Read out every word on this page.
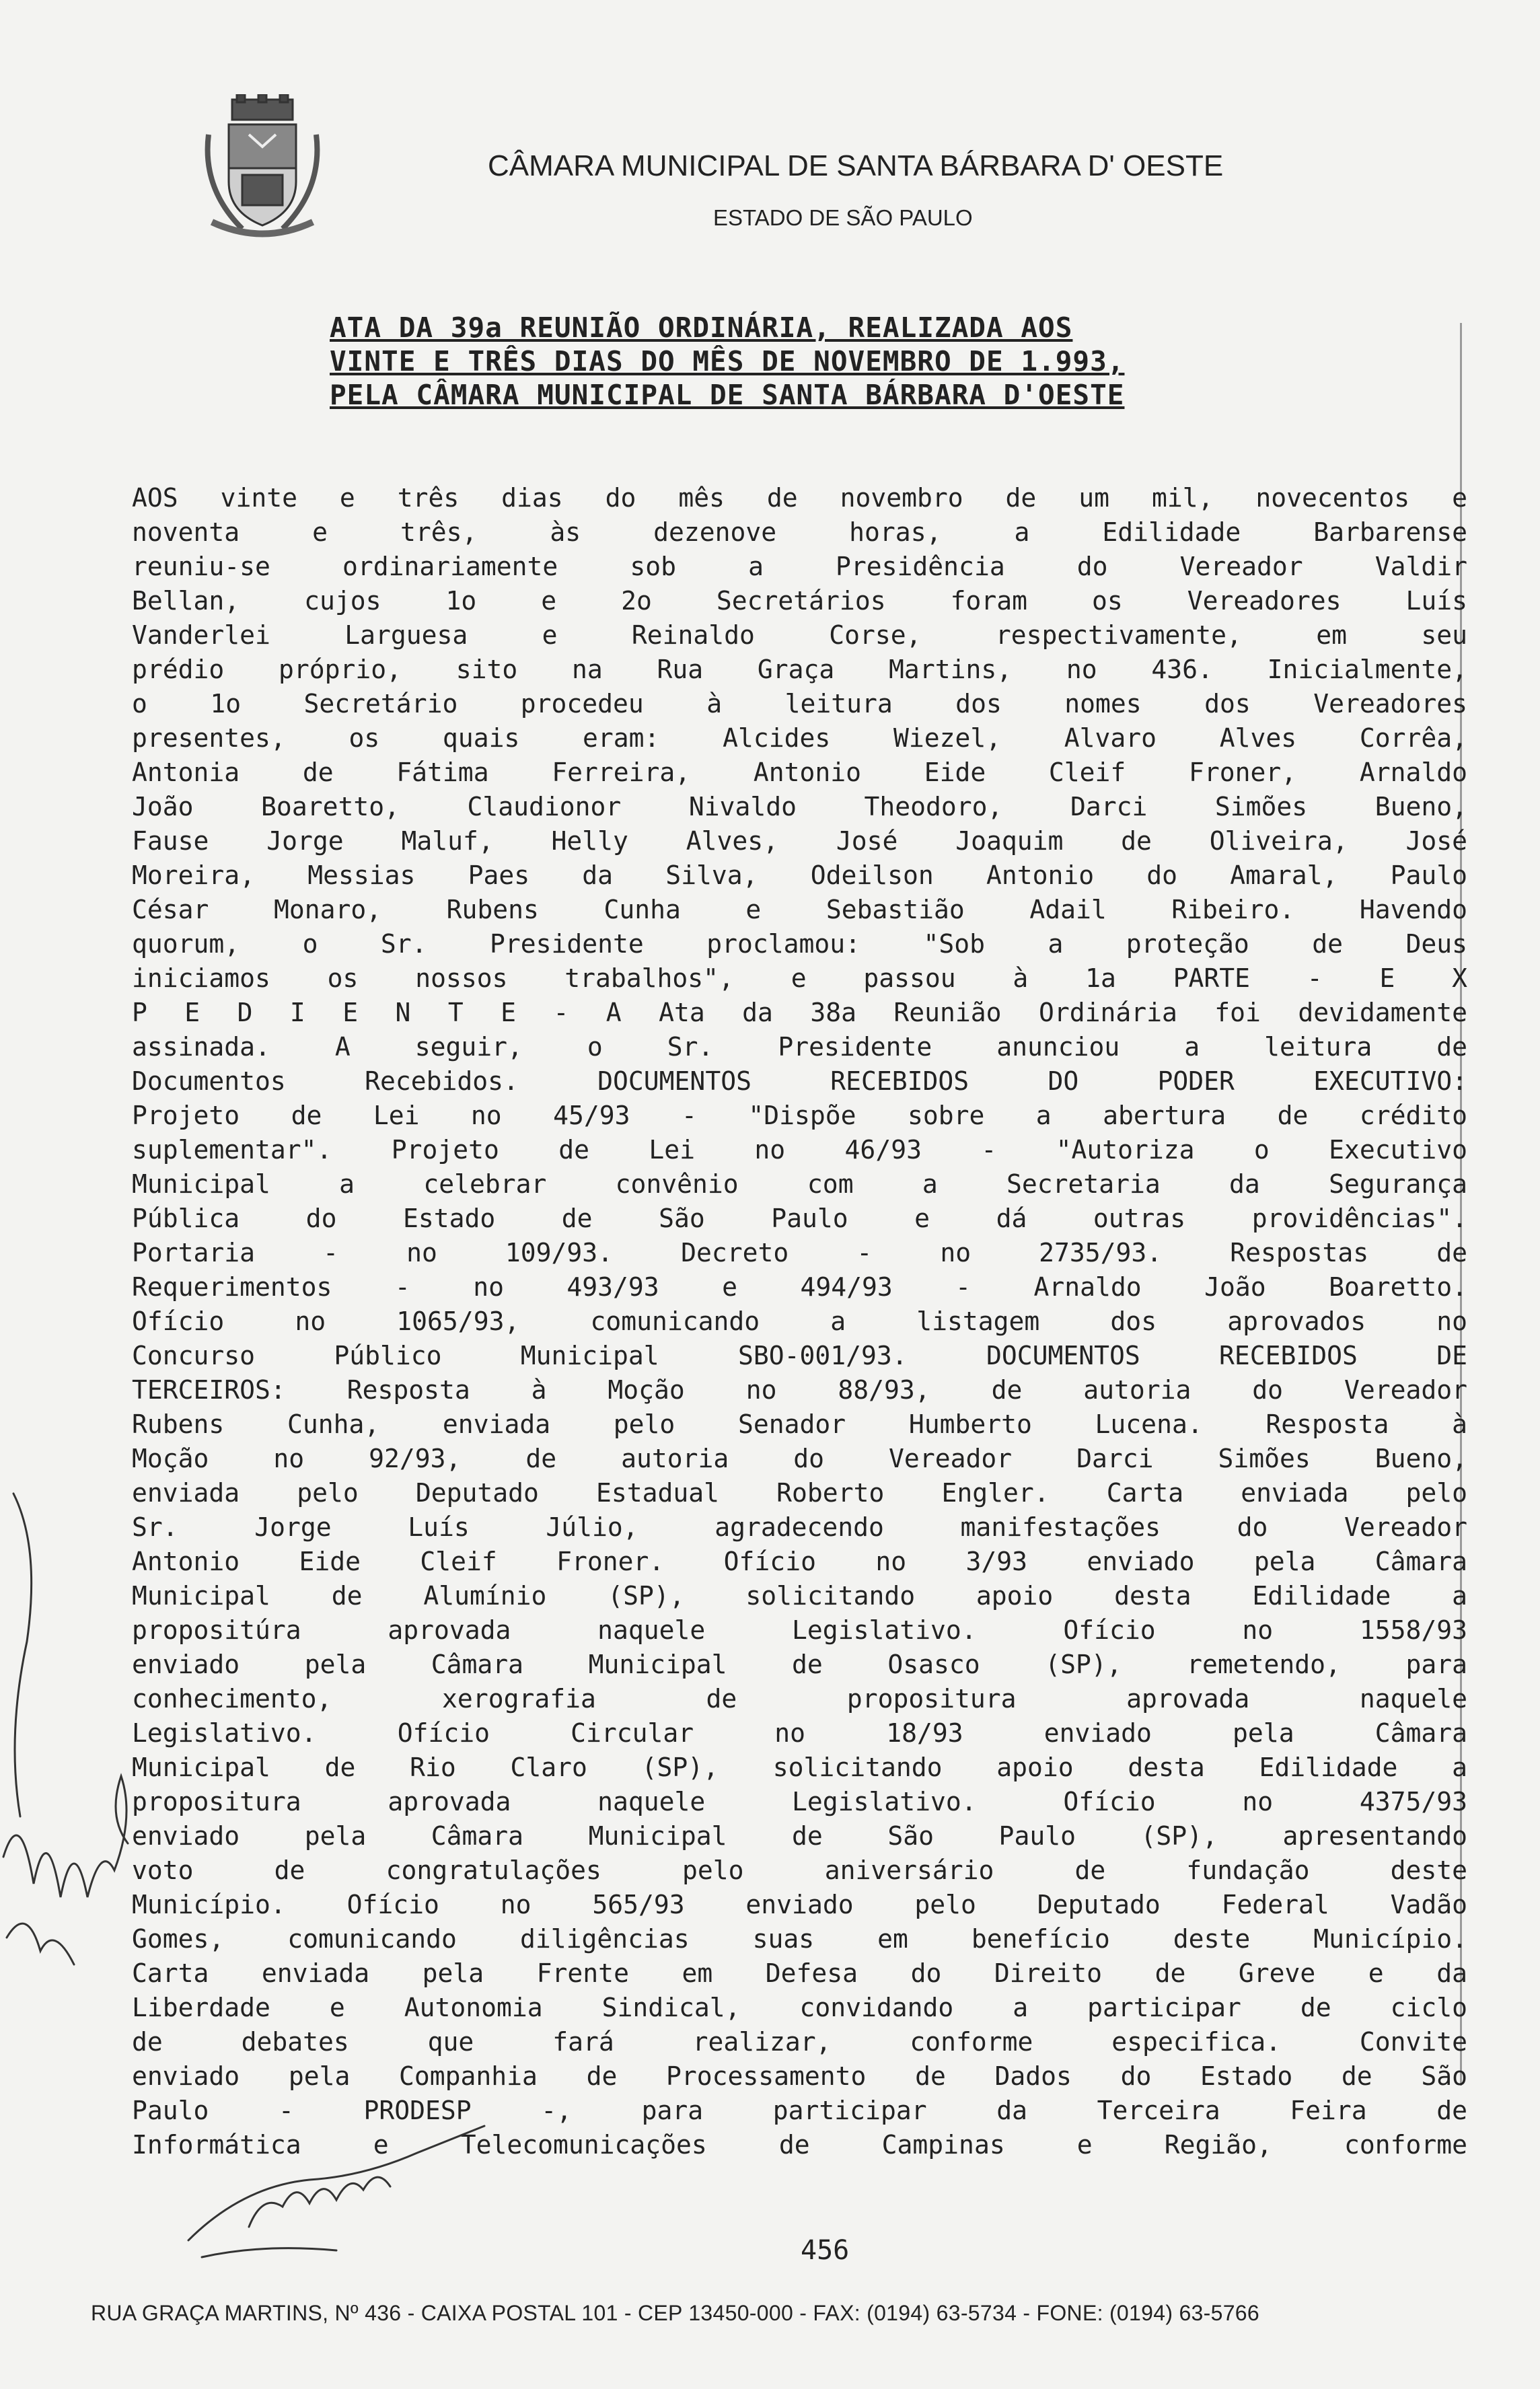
CÂMARA MUNICIPAL DE SANTA BÁRBARA D' OESTE
ESTADO DE SÃO PAULO
ATA DA 39a REUNIÃO ORDINÁRIA, REALIZADA AOS
VINTE E TRÊS DIAS DO MÊS DE NOVEMBRO DE 1.993,
PELA CÂMARA MUNICIPAL DE SANTA BÁRBARA D'OESTE
AOS vinte e três dias do mês de novembro de um mil, novecentos e
noventa e três, às dezenove horas, a Edilidade Barbarense
reuniu-se ordinariamente sob a Presidência do Vereador Valdir
Bellan, cujos 1o e 2o Secretários foram os Vereadores Luís
Vanderlei Larguesa e Reinaldo Corse, respectivamente, em seu
prédio próprio, sito na Rua Graça Martins, no 436. Inicialmente,
o 1o Secretário procedeu à leitura dos nomes dos Vereadores
presentes, os quais eram: Alcides Wiezel, Alvaro Alves Corrêa,
Antonia de Fátima Ferreira, Antonio Eide Cleif Froner, Arnaldo
João Boaretto, Claudionor Nivaldo Theodoro, Darci Simões Bueno,
Fause Jorge Maluf, Helly Alves, José Joaquim de Oliveira, José
Moreira, Messias Paes da Silva, Odeilson Antonio do Amaral, Paulo
César Monaro, Rubens Cunha e Sebastião Adail Ribeiro. Havendo
quorum, o Sr. Presidente proclamou: "Sob a proteção de Deus
iniciamos os nossos trabalhos", e passou à 1a PARTE - E X
P E D I E N T E - A Ata da 38a Reunião Ordinária foi devidamente
assinada. A seguir, o Sr. Presidente anunciou a leitura de
Documentos Recebidos. DOCUMENTOS RECEBIDOS DO PODER EXECUTIVO:
Projeto de Lei no 45/93 - "Dispõe sobre a abertura de crédito
suplementar". Projeto de Lei no 46/93 - "Autoriza o Executivo
Municipal a celebrar convênio com a Secretaria da Segurança
Pública do Estado de São Paulo e dá outras providências".
Portaria - no 109/93. Decreto - no 2735/93. Respostas de
Requerimentos - no 493/93 e 494/93 - Arnaldo João Boaretto.
Ofício no 1065/93, comunicando a listagem dos aprovados no
Concurso Público Municipal SBO-001/93. DOCUMENTOS RECEBIDOS DE
TERCEIROS: Resposta à Moção no 88/93, de autoria do Vereador
Rubens Cunha, enviada pelo Senador Humberto Lucena. Resposta à
Moção no 92/93, de autoria do Vereador Darci Simões Bueno,
enviada pelo Deputado Estadual Roberto Engler. Carta enviada pelo
Sr. Jorge Luís Júlio, agradecendo manifestações do Vereador
Antonio Eide Cleif Froner. Ofício no 3/93 enviado pela Câmara
Municipal de Alumínio (SP), solicitando apoio desta Edilidade a
propositúra aprovada naquele Legislativo. Ofício no 1558/93
enviado pela Câmara Municipal de Osasco (SP), remetendo, para
conhecimento, xerografia de propositura aprovada naquele
Legislativo. Ofício Circular no 18/93 enviado pela Câmara
Municipal de Rio Claro (SP), solicitando apoio desta Edilidade a
propositura aprovada naquele Legislativo. Ofício no 4375/93
enviado pela Câmara Municipal de São Paulo (SP), apresentando
voto de congratulações pelo aniversário de fundação deste
Município. Ofício no 565/93 enviado pelo Deputado Federal Vadão
Gomes, comunicando diligências suas em benefício deste Município.
Carta enviada pela Frente em Defesa do Direito de Greve e da
Liberdade e Autonomia Sindical, convidando a participar de ciclo
de debates que fará realizar, conforme especifica. Convite
enviado pela Companhia de Processamento de Dados do Estado de São
Paulo - PRODESP -, para participar da Terceira Feira de
Informática e Telecomunicações de Campinas e Região, conforme
456
RUA GRAÇA MARTINS, Nº 436 - CAIXA POSTAL 101 - CEP 13450-000 - FAX: (0194) 63-5734 - FONE: (0194) 63-5766
